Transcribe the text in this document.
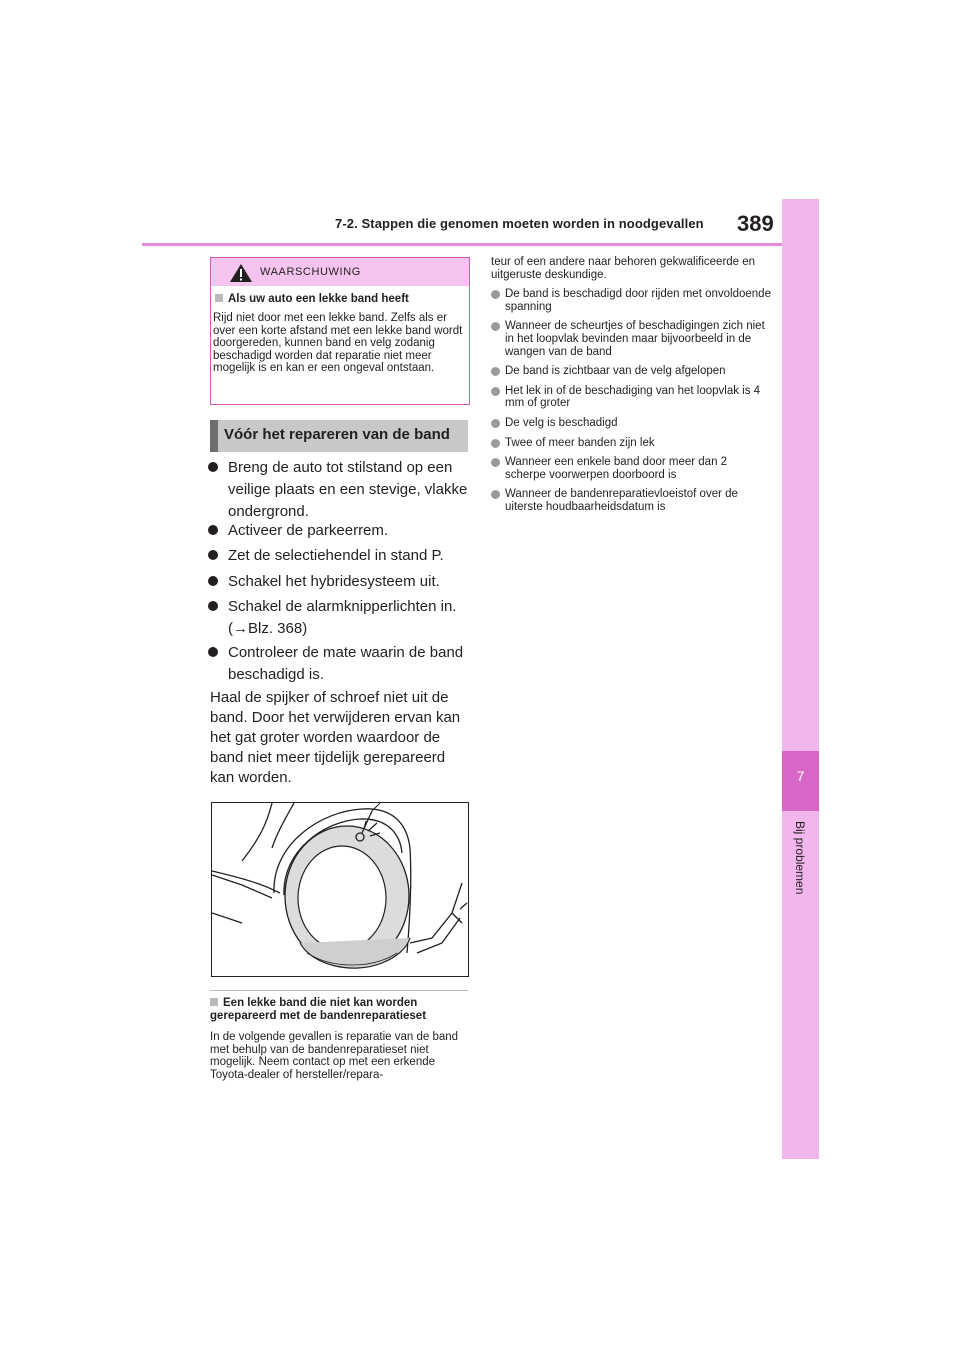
7-2. Stappen die genomen moeten worden in noodgevallen 389
7
Bij problemen
WAARSCHUWING
Als uw auto een lekke band heeft
Rijd niet door met een lekke band. Zelfs als er over een korte afstand met een lekke band wordt doorgereden, kunnen band en velg zodanig beschadigd worden dat reparatie niet meer mogelijk is en kan er een ongeval ontstaan.
Vóór het repareren van de band
Breng de auto tot stilstand op een veilige plaats en een stevige, vlakke ondergrond.
Activeer de parkeerrem.
Zet de selectiehendel in stand P.
Schakel het hybridesysteem uit.
Schakel de alarmknipperlichten in. (→Blz. 368)
Controleer de mate waarin de band beschadigd is.
Haal de spijker of schroef niet uit de band. Door het verwijderen ervan kan het gat groter worden waardoor de band niet meer tijdelijk gerepareerd kan worden.
Een lekke band die niet kan worden gerepareerd met de bandenreparatieset
In de volgende gevallen is reparatie van de band met behulp van de bandenreparatieset niet mogelijk. Neem contact op met een erkende Toyota-dealer of hersteller/repara-
teur of een andere naar behoren gekwalificeerde en uitgeruste deskundige.
De band is beschadigd door rijden met onvoldoende spanning
Wanneer de scheurtjes of beschadigingen zich niet in het loopvlak bevinden maar bijvoorbeeld in de wangen van de band
De band is zichtbaar van de velg afgelopen
Het lek in of de beschadiging van het loopvlak is 4 mm of groter
De velg is beschadigd
Twee of meer banden zijn lek
Wanneer een enkele band door meer dan 2 scherpe voorwerpen doorboord is
Wanneer de bandenreparatievloeistof over de uiterste houdbaarheidsdatum is
